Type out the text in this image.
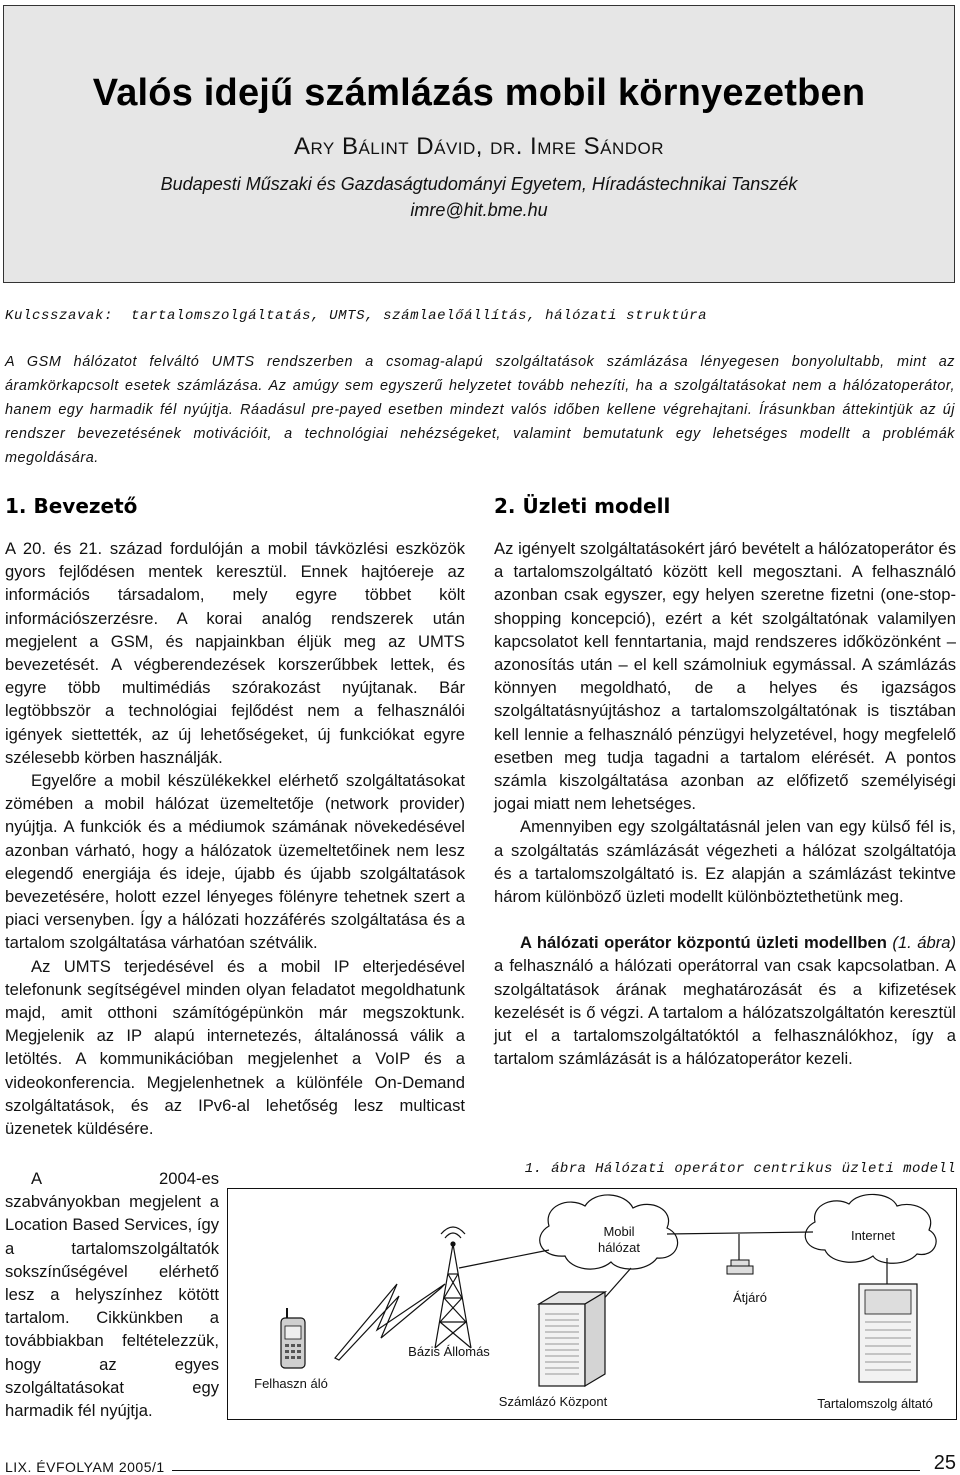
Valós idejű számlázás mobil környezetben
Ary Bálint Dávid, dr. Imre Sándor
Budapesti Műszaki és Gazdaságtudományi Egyetem, Híradástechnikai Tanszék
imre@hit.bme.hu
Kulcsszavak: tartalomszolgáltatás, UMTS, számlaelőállítás, hálózati struktúra

A GSM hálózatot felváltó UMTS rendszerben a csomag-alapú szolgáltatások számlázása lényegesen bonyolultabb, mint az áramkörkapcsolt esetek számlázása. Az amúgy sem egyszerű helyzetet tovább nehezíti, ha a szolgáltatásokat nem a hálózatoperátor, hanem egy harmadik fél nyújtja. Ráadásul pre-payed esetben mindezt valós időben kellene végrehajtani. Írásunkban áttekintjük az új rendszer bevezetésének motivációit, a technológiai nehézségeket, valamint bemutatunk egy lehetséges modellt a problémák megoldására.

1. Bevezető	2. Üzleti modell

A 20. és 21. század fordulóján a mobil távközlési eszközök gyors fejlődésen mentek keresztül. Ennek hajtóereje az információs társadalom, mely egyre többet költ információszerzésre. A korai analóg rendszerek után megjelent a GSM, és napjainkban éljük meg az UMTS bevezetését. A végberendezések korszerűbbek lettek, és egyre több multimédiás szórakozást nyújtanak. Bár legtöbbször a technológiai fejlődést nem a felhasználói igények siettették, az új lehetőségeket, új funkciókat egyre szélesebb körben használják.

Egyelőre a mobil készülékekkel elérhető szolgáltatásokat zömében a mobil hálózat üzemeltetője (network provider) nyújtja. A funkciók és a médiumok számának növekedésével azonban várható, hogy a hálózatok üzemeltetőinek nem lesz elegendő energiája és ideje, újabb és újabb szolgáltatások bevezetésére, holott ezzel lényeges fölényre tehetnek szert a piaci versenyben. Így a hálózati hozzáférés szolgáltatása és a tartalom szolgáltatása várhatóan szétválik.

Az UMTS terjedésével és a mobil IP elterjedésével telefonunk segítségével minden olyan feladatot megoldhatunk majd, amit otthoni számítógépünkön már megszoktunk. Megjelenik az IP alapú internetezés, általánossá válik a letöltés. A kommunikációban megjelenhet a VoIP és a videokonferencia. Megjelenhetnek a különféle On-Demand szolgáltatások, és az IPv6-al lehetőség lesz multicast üzenetek küldésére.

A 2004-es szabványokban megjelent a Location Based Services, így a tartalomszolgáltatók sokszínűségével elérhető lesz a helyszínhez kötött tartalom. Cikkünkben a továbbiakban feltételezzük, hogy az egyes szolgáltatásokat egy harmadik fél nyújtja.

Az igényelt szolgáltatásokért járó bevételt a hálózatoperátor és a tartalomszolgáltató között kell megosztani. A felhasználó azonban csak egyszer, egy helyen szeretne fizetni (one-stop-shopping koncepció), ezért a két szolgáltatónak valamilyen kapcsolatot kell fenntartania, majd rendszeres időközönként – azonosítás után – el kell számolniuk egymással. A számlázás könnyen megoldható, de a helyes és igazságos szolgáltatásnyújtáshoz a tartalomszolgáltatónak is tisztában kell lennie a felhasználó pénzügyi helyzetével, hogy megfelelő esetben meg tudja tagadni a tartalom elérését. A pontos számla kiszolgáltatása azonban az előfizető személyiségi jogai miatt nem lehetséges.

Amennyiben egy szolgáltatásnál jelen van egy külső fél is, a szolgáltatás számlázását végezheti a hálózat szolgáltatója és a tartalomszolgáltató is. Ez alapján a számlázást tekintve három különböző üzleti modellt különböztethetünk meg.

A hálózati operátor központú üzleti modellben (1. ábra) a felhasználó a hálózati operátorral van csak kapcsolatban. A szolgáltatások árának meghatározását és a kifizetések kezelését is ő végzi. A tartalom a hálózatszolgáltatón keresztül jut el a tartalomszolgáltatóktól a felhasználókhoz, így a tartalom számlázását is a hálózatoperátor kezeli.

1. ábra Hálózati operátor centrikus üzleti modell
Mobil
hálózat
Internet
Átjáró
Bázis Állomás
Felhaszn áló
Számlázó Központ	Tartalomszolg áltató
LIX. ÉVFOLYAM 2005/1	25
